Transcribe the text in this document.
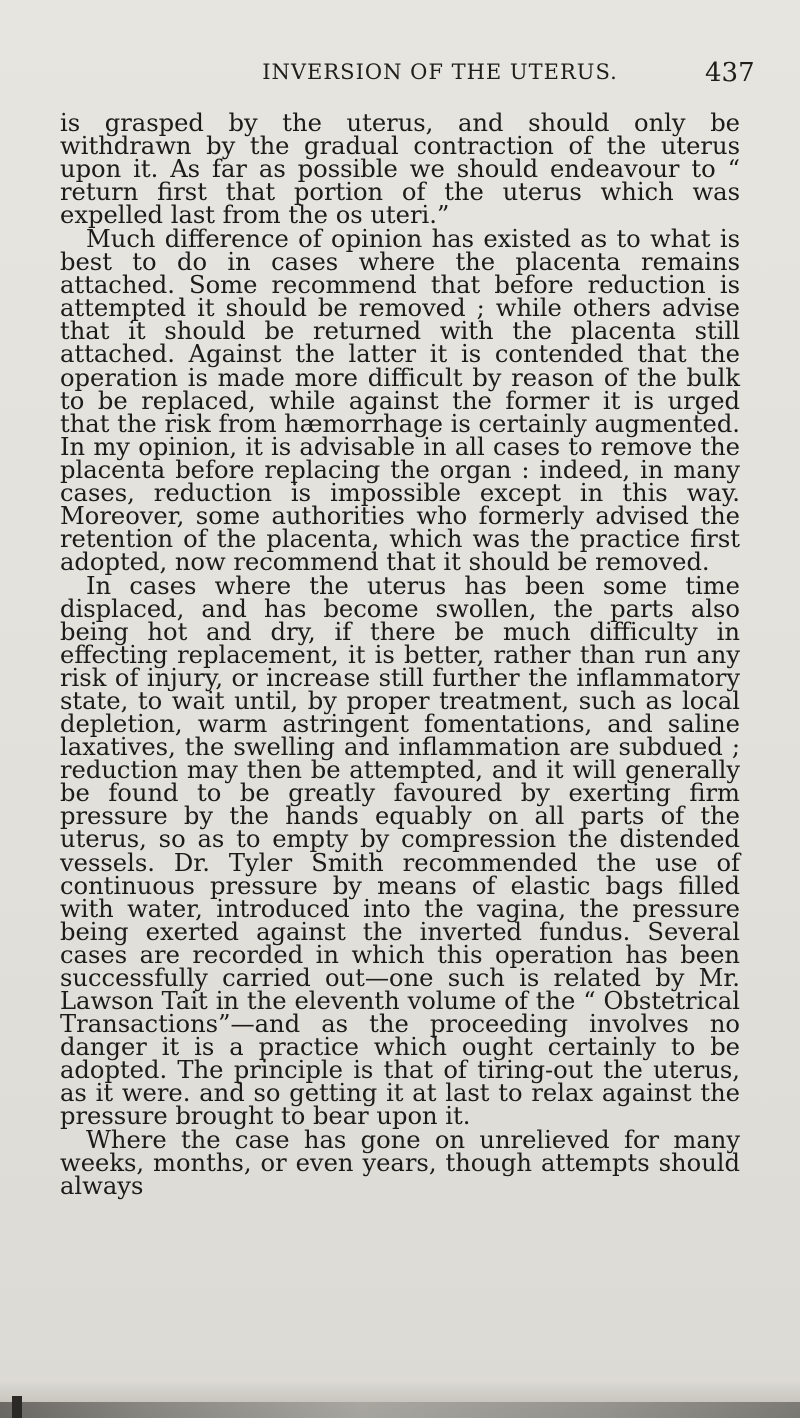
INVERSION OF THE UTERUS.	437

is grasped by the uterus, and should only be withdrawn by the gradual contraction of the uterus upon it. As far as possible we should endeavour to “ return first that portion of the uterus which was expelled last from the os uteri.”

Much difference of opinion has existed as to what is best to do in cases where the placenta remains attached. Some recommend that before reduction is attempted it should be removed ; while others advise that it should be returned with the placenta still attached. Against the latter it is contended that the operation is made more difficult by reason of the bulk to be replaced, while against the former it is urged that the risk from hæmorrhage is certainly augmented. In my opinion, it is advisable in all cases to remove the placenta before replacing the organ : indeed, in many cases, reduction is impossible except in this way. Moreover, some authorities who formerly advised the retention of the placenta, which was the practice first adopted, now recommend that it should be removed.

In cases where the uterus has been some time displaced, and has become swollen, the parts also being hot and dry, if there be much difficulty in effecting replacement, it is better, rather than run any risk of injury, or increase still further the inflammatory state, to wait until, by proper treatment, such as local depletion, warm astringent fomentations, and saline laxatives, the swelling and inflammation are subdued ; reduction may then be attempted, and it will generally be found to be greatly favoured by exerting firm pressure by the hands equably on all parts of the uterus, so as to empty by compression the distended vessels. Dr. Tyler Smith recommended the use of continuous pressure by means of elastic bags filled with water, introduced into the vagina, the pressure being exerted against the inverted fundus. Several cases are recorded in which this operation has been successfully carried out—one such is related by Mr. Lawson Tait in the eleventh volume of the “ Obstetrical Transactions”—and as the proceeding involves no danger it is a practice which ought certainly to be adopted. The principle is that of tiring-out the uterus, as it were. and so getting it at last to relax against the pressure brought to bear upon it.

Where the case has gone on unrelieved for many weeks, months, or even years, though attempts should always
